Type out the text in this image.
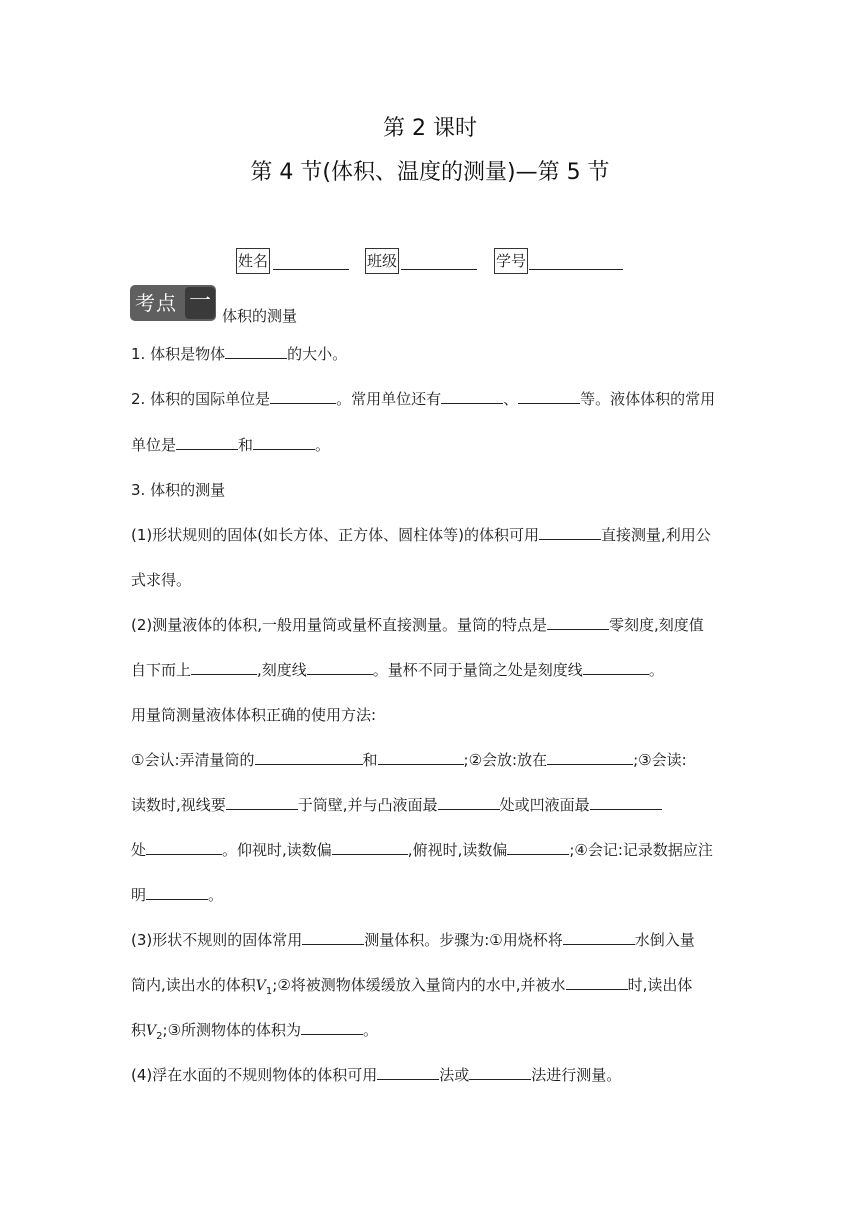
第 2 课时
第 4 节(体积、温度的测量)—第 5 节
姓名	班级	学号
考点 一
体积的测量
1. 体积是物体	的大小。
2. 体积的国际单位是	。常用单位还有	、	等。液体体积的常用
单位是	和	。
3. 体积的测量
(1)形状规则的固体(如长方体、正方体、圆柱体等)的体积可用	直接测量,利用公
式求得。
(2)测量液体的体积,一般用量筒或量杯直接测量。量筒的特点是	零刻度,刻度值
自下而上	,刻度线	。量杯不同于量筒之处是刻度线	。
用量筒测量液体体积正确的使用方法:
①会认:弄清量筒的	和	;②会放:放在	;③会读:
读数时,视线要	于筒壁,并与凸液面最	处或凹液面最
处	。仰视时,读数偏	,俯视时,读数偏	;④会记:记录数据应注
明	。
(3)形状不规则的固体常用	测量体积。步骤为:①用烧杯将	水倒入量
筒内,读出水的体积$V_1;②$将被测物体缓缓放入量筒内的水中,并被水	时,读出体
积$V_2;③$所测物体的体积为	。
(4)浮在水面的不规则物体的体积可用	法或	法进行测量。
